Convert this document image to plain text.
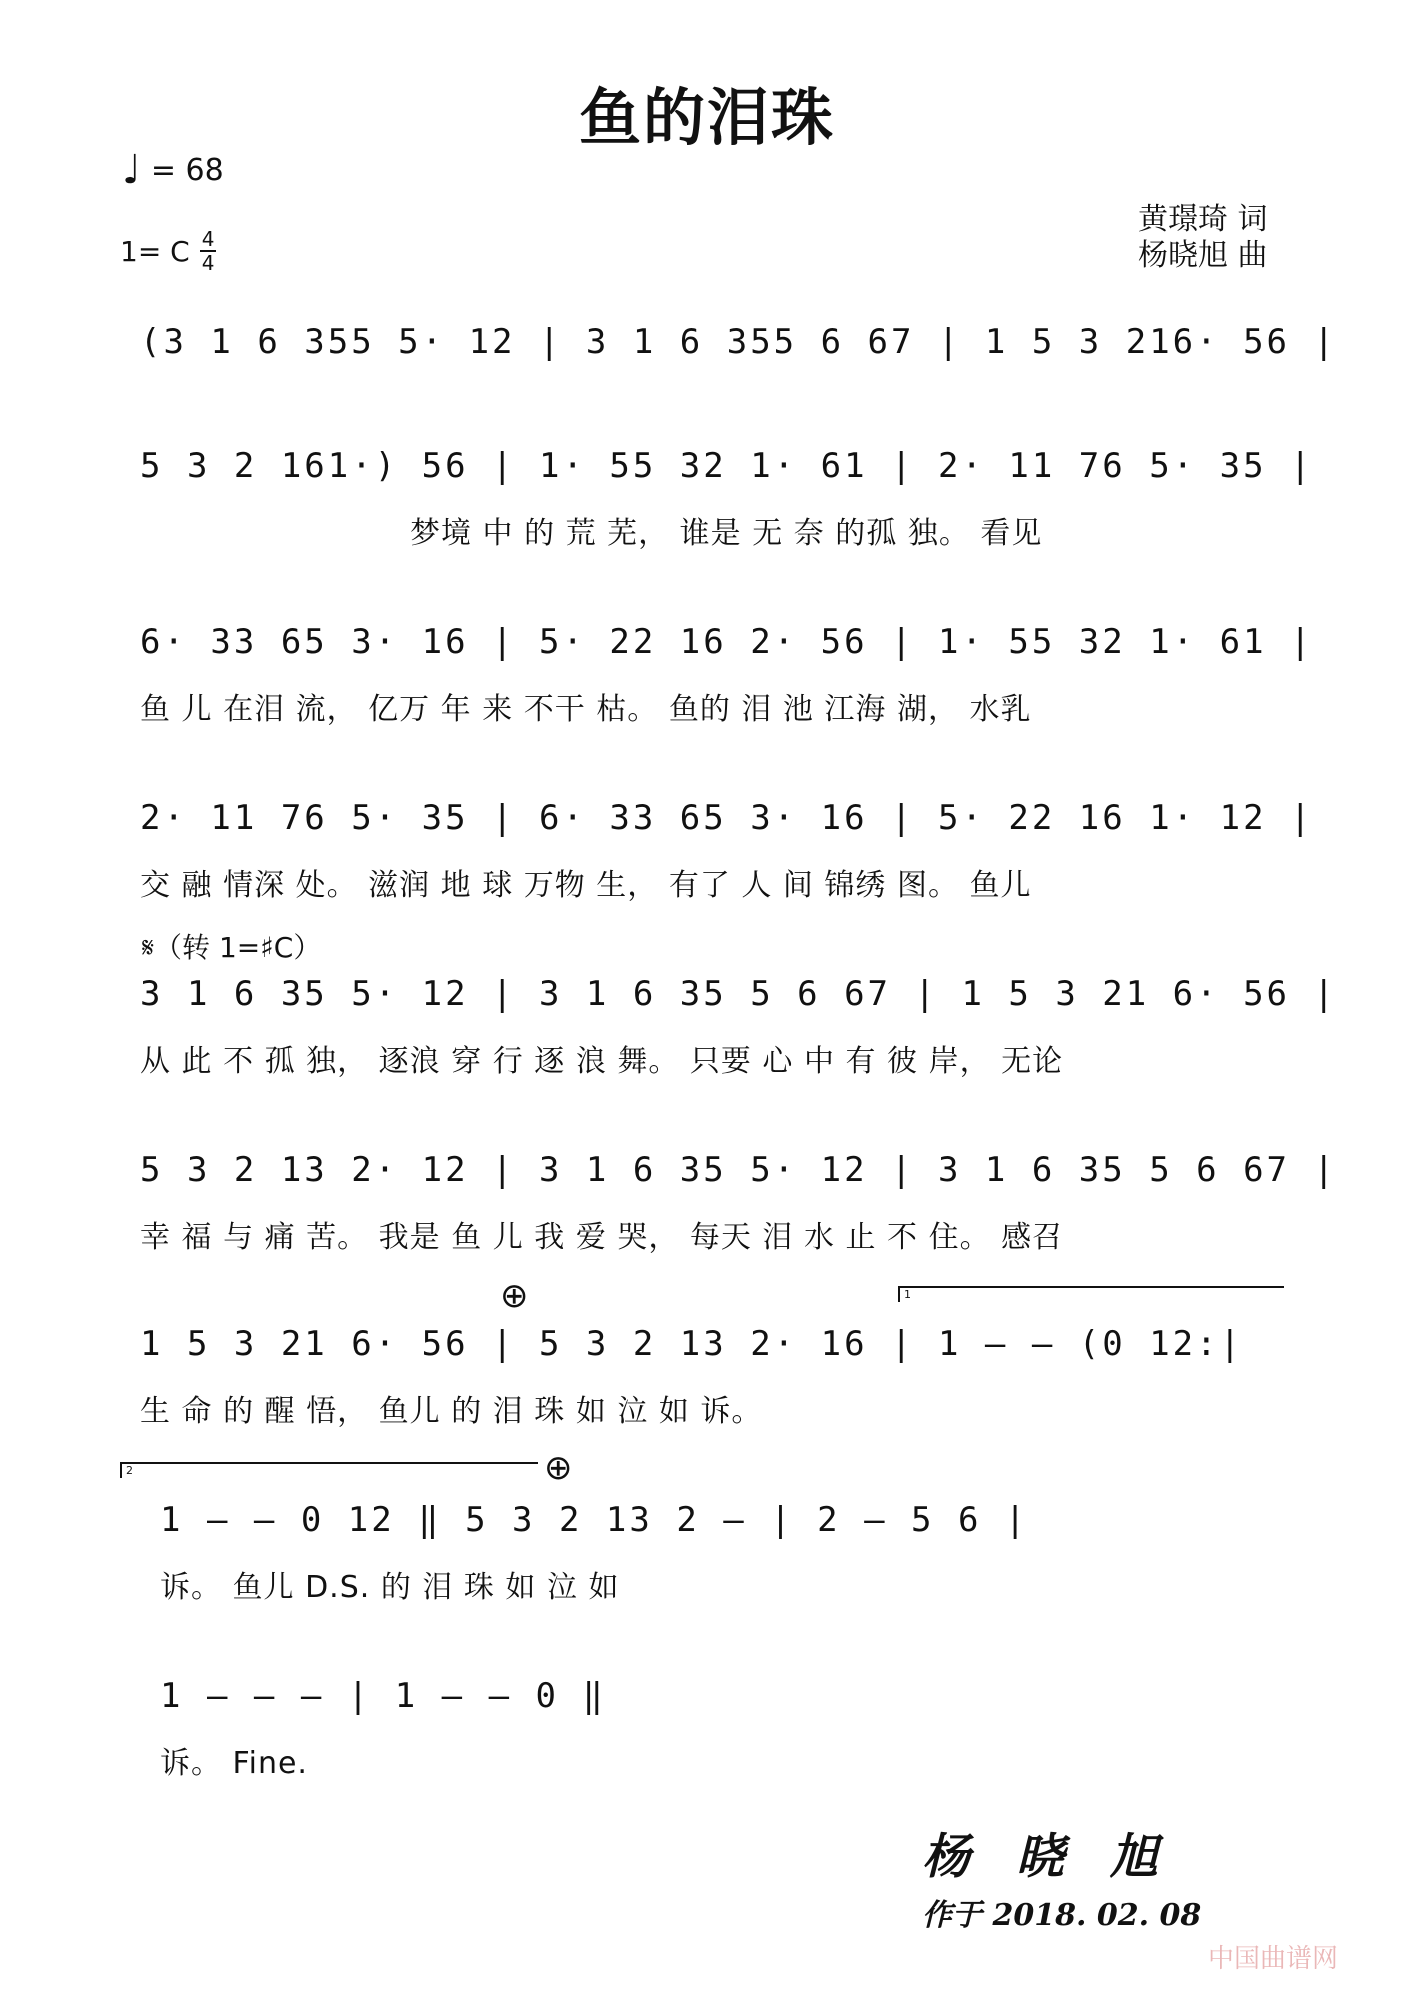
鱼的泪珠
♩ = 68
1= C 4
4
黄璟琦 词
杨晓旭 曲
(3 1 6 355 5· 12 | 3 1 6 355 6 67 | 1 5 3 216· 56 |
5 3 2 161·) 56 | 1· 55 32 1· 61 | 2· 11 76 5· 35 |
梦境 中 的 荒 芜， 谁是 无 奈 的孤 独。 看见
6· 33 65 3· 16 | 5· 22 16 2· 56 | 1· 55 32 1· 61 |
鱼 儿 在泪 流， 亿万 年 来 不干 枯。 鱼的 泪 池 江海 湖， 水乳
2· 11 76 5· 35 | 6· 33 65 3· 16 | 5· 22 16 1· 12 |
交 融 情深 处。 滋润 地 球 万物 生， 有了 人 间 锦绣 图。 鱼儿
𝄋（转 1=♯C）
3 1 6 35 5· 12 | 3 1 6 35 5 6 67 | 1 5 3 21 6· 56 |
从 此 不 孤 独， 逐浪 穿 行 逐 浪 舞。 只要 心 中 有 彼 岸， 无论
5 3 2 13 2· 12 | 3 1 6 35 5· 12 | 3 1 6 35 5 6 67 |
幸 福 与 痛 苦。 我是 鱼 儿 我 爱 哭， 每天 泪 水 止 不 住。 感召
⊕	1
1 5 3 21 6· 56 | 5 3 2 13 2· 16 | 1 – – (0 12:|
生 命 的 醒 悟， 鱼儿 的 泪 珠 如 泣 如 诉。
2	⊕
1 – – 0 12 ‖ 5 3 2 13 2 – | 2 – 5 6 |
诉。 鱼儿 D.S. 的 泪 珠 如 泣 如
1 – – – | 1 – – 0 ‖
诉。 Fine.
杨晓旭
作于 2018. 02. 08
中国曲谱网
